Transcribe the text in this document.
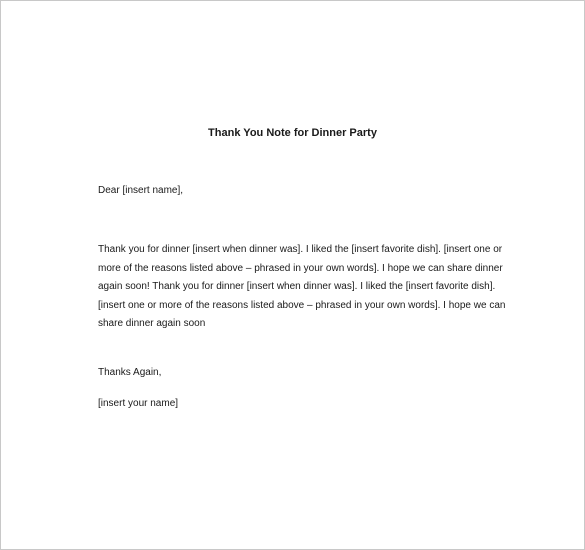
Thank You Note for Dinner Party
Dear [insert name],
Thank you for dinner [insert when dinner was]. I liked the [insert favorite dish]. [insert one or
more of the reasons listed above – phrased in your own words]. I hope we can share dinner
again soon! Thank you for dinner [insert when dinner was]. I liked the [insert favorite dish].
[insert one or more of the reasons listed above – phrased in your own words]. I hope we can
share dinner again soon
Thanks Again,
[insert your name]
